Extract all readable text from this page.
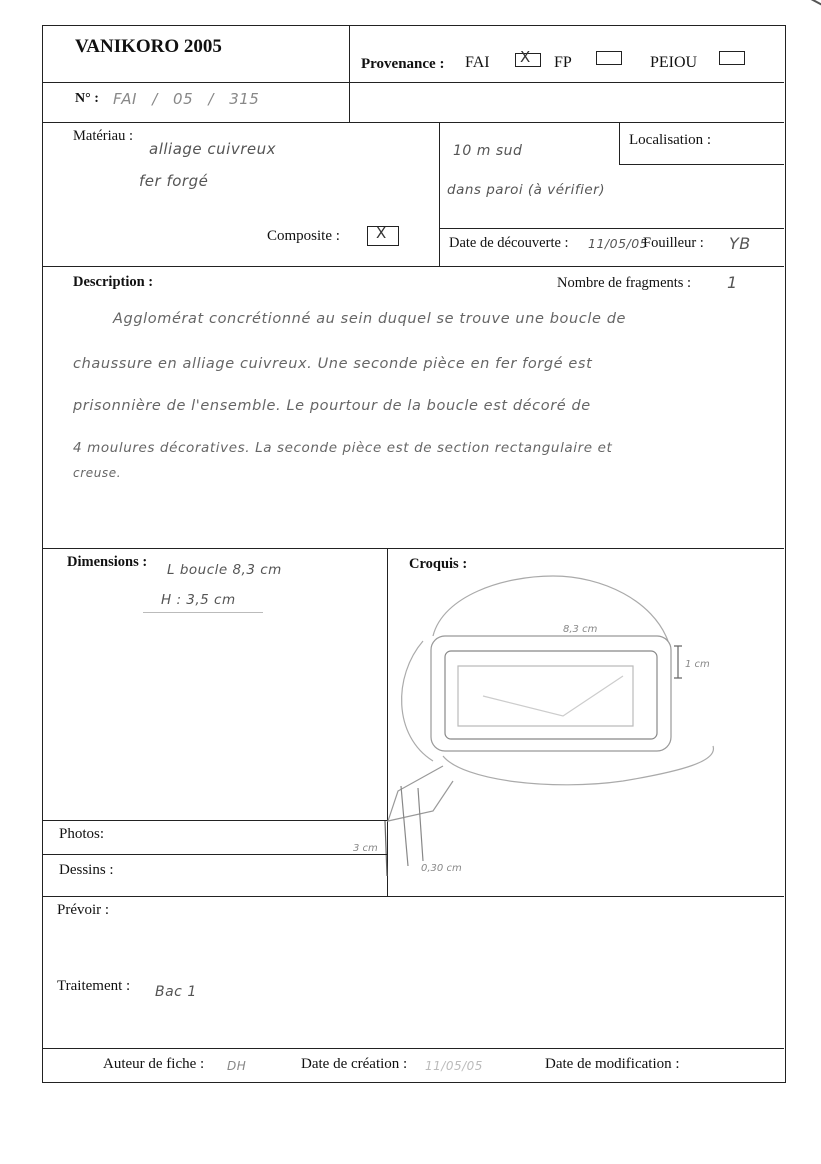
VANIKORO 2005
Provenance : FAI X FP	PEIOU
N° : FAI / 05 / 315
Matériau :
alliage cuivreux
fer forgé
Composite : X
10 m sud
dans paroi (à vérifier)
Localisation :
Date de découverte : 11/05/05
Fouilleur : YB
Description :	Nombre de fragments : 1
Agglomérat concrétionné au sein duquel se trouve une boucle de
chaussure en alliage cuivreux. Une seconde pièce en fer forgé est
prisonnière de l'ensemble. Le pourtour de la boucle est décoré de
4 moulures décoratives. La seconde pièce est de section rectangulaire et
creuse.
Dimensions : L boucle 8,3 cm
H : 3,5 cm
Croquis :
8,3 cm
1 cm
3 cm
0,30 cm
Photos:
Dessins :
Prévoir :
Traitement : Bac 1
Auteur de fiche : DH	Date de création : 11/05/05	Date de modification :
